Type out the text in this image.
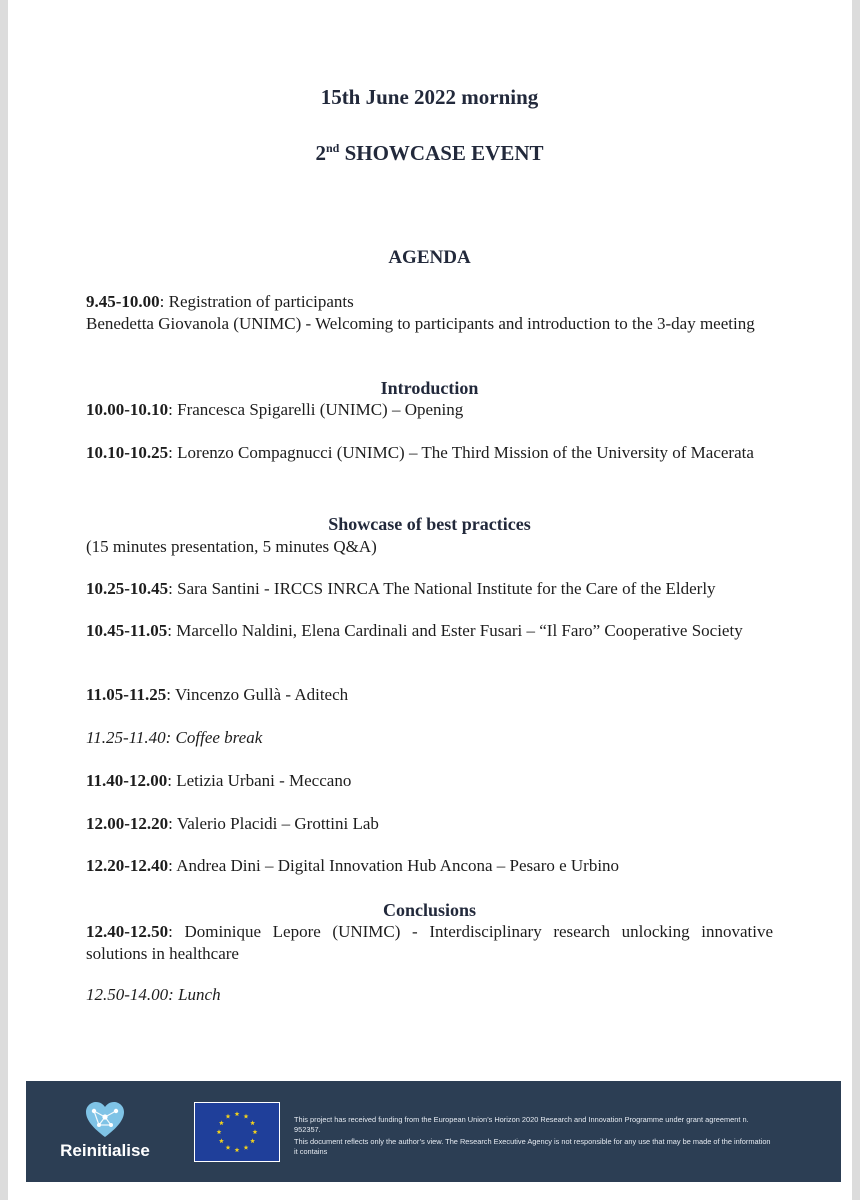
15th June 2022 morning
2nd SHOWCASE EVENT
AGENDA
9.45-10.00: Registration of participants
Benedetta Giovanola (UNIMC) - Welcoming to participants and introduction to the 3-day meeting
Introduction
10.00-10.10: Francesca Spigarelli (UNIMC) – Opening
10.10-10.25: Lorenzo Compagnucci (UNIMC) – The Third Mission of the University of Macerata
Showcase of best practices
(15 minutes presentation, 5 minutes Q&A)
10.25-10.45: Sara Santini - IRCCS INRCA The National Institute for the Care of the Elderly
10.45-11.05: Marcello Naldini, Elena Cardinali and Ester Fusari – “Il Faro” Cooperative Society
11.05-11.25: Vincenzo Gullà - Aditech
11.25-11.40: Coffee break
11.40-12.00: Letizia Urbani - Meccano
12.00-12.20: Valerio Placidi – Grottini Lab
12.20-12.40: Andrea Dini – Digital Innovation Hub Ancona – Pesaro e Urbino
Conclusions
12.40-12.50: Dominique Lepore (UNIMC) - Interdisciplinary research unlocking innovative solutions in healthcare
12.50-14.00: Lunch
Reinitialise

This project has received funding from the European Union’s Horizon 2020 Research and Innovation Programme under grant agreement n. 952357.

This document reflects only the author’s view. The Research Executive Agency is not responsible for any use that may be made of the information it contains
